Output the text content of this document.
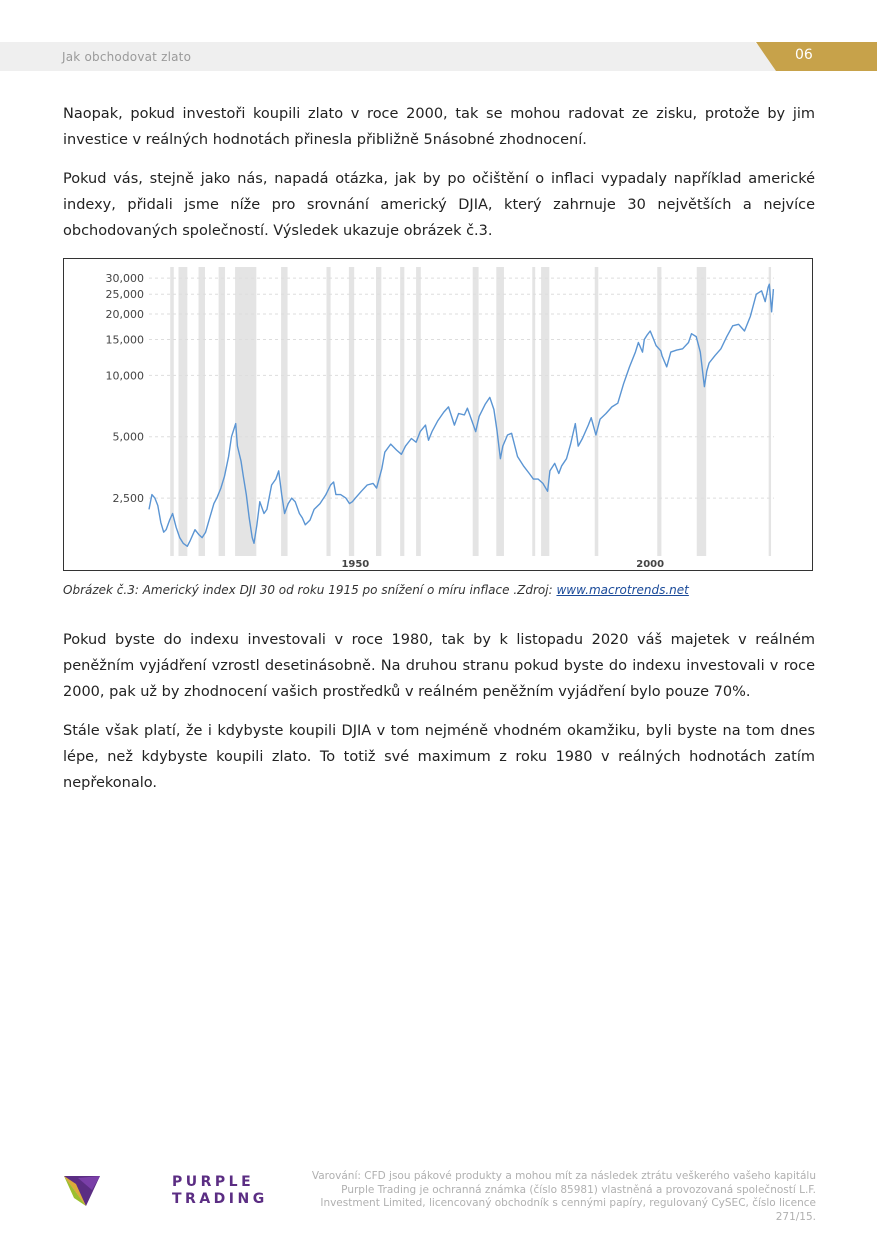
Jak obchodovat zlato	06

Naopak, pokud investoři koupili zlato v roce 2000, tak se mohou radovat ze zisku, protože by jim investice v reálných hodnotách přinesla přibližně 5násobné zhodnocení.

Pokud vás, stejně jako nás, napadá otázka, jak by po očištění o inflaci vypadaly například americké indexy, přidali jsme níže pro srovnání americký DJIA, který zahrnuje 30 největších a nejvíce obchodovaných společností. Výsledek ukazuje obrázek č.3.

2,500
5,000
10,000
15,000
20,000
25,000
30,000
1950	2000
Obrázek č.3: Americký index DJI 30 od roku 1915 po snížení o míru inflace .Zdroj: www.macrotrends.net

Pokud byste do indexu investovali v roce 1980, tak by k listopadu 2020 váš majetek v reálném peněžním vyjádření vzrostl desetinásobně. Na druhou stranu pokud byste do indexu investovali v roce 2000, pak už by zhodnocení vašich prostředků v reálném peněžním vyjádření bylo pouze 70%.

Stále však platí, že i kdybyste koupili DJIA v tom nejméně vhodném okamžiku, byli byste na tom dnes lépe, než kdybyste koupili zlato. To totiž své maximum z roku 1980 v reálných hodnotách zatím nepřekonalo.

PURPLE
TRADING
Varování: CFD jsou pákové produkty a mohou mít za následek ztrátu veškerého vašeho kapitálu Purple Trading je ochranná známka (číslo 85981) vlastněná a provozovaná společností L.F. Investment Limited, licencovaný obchodník s cennými papíry, regulovaný CySEC, číslo licence 271/15.
